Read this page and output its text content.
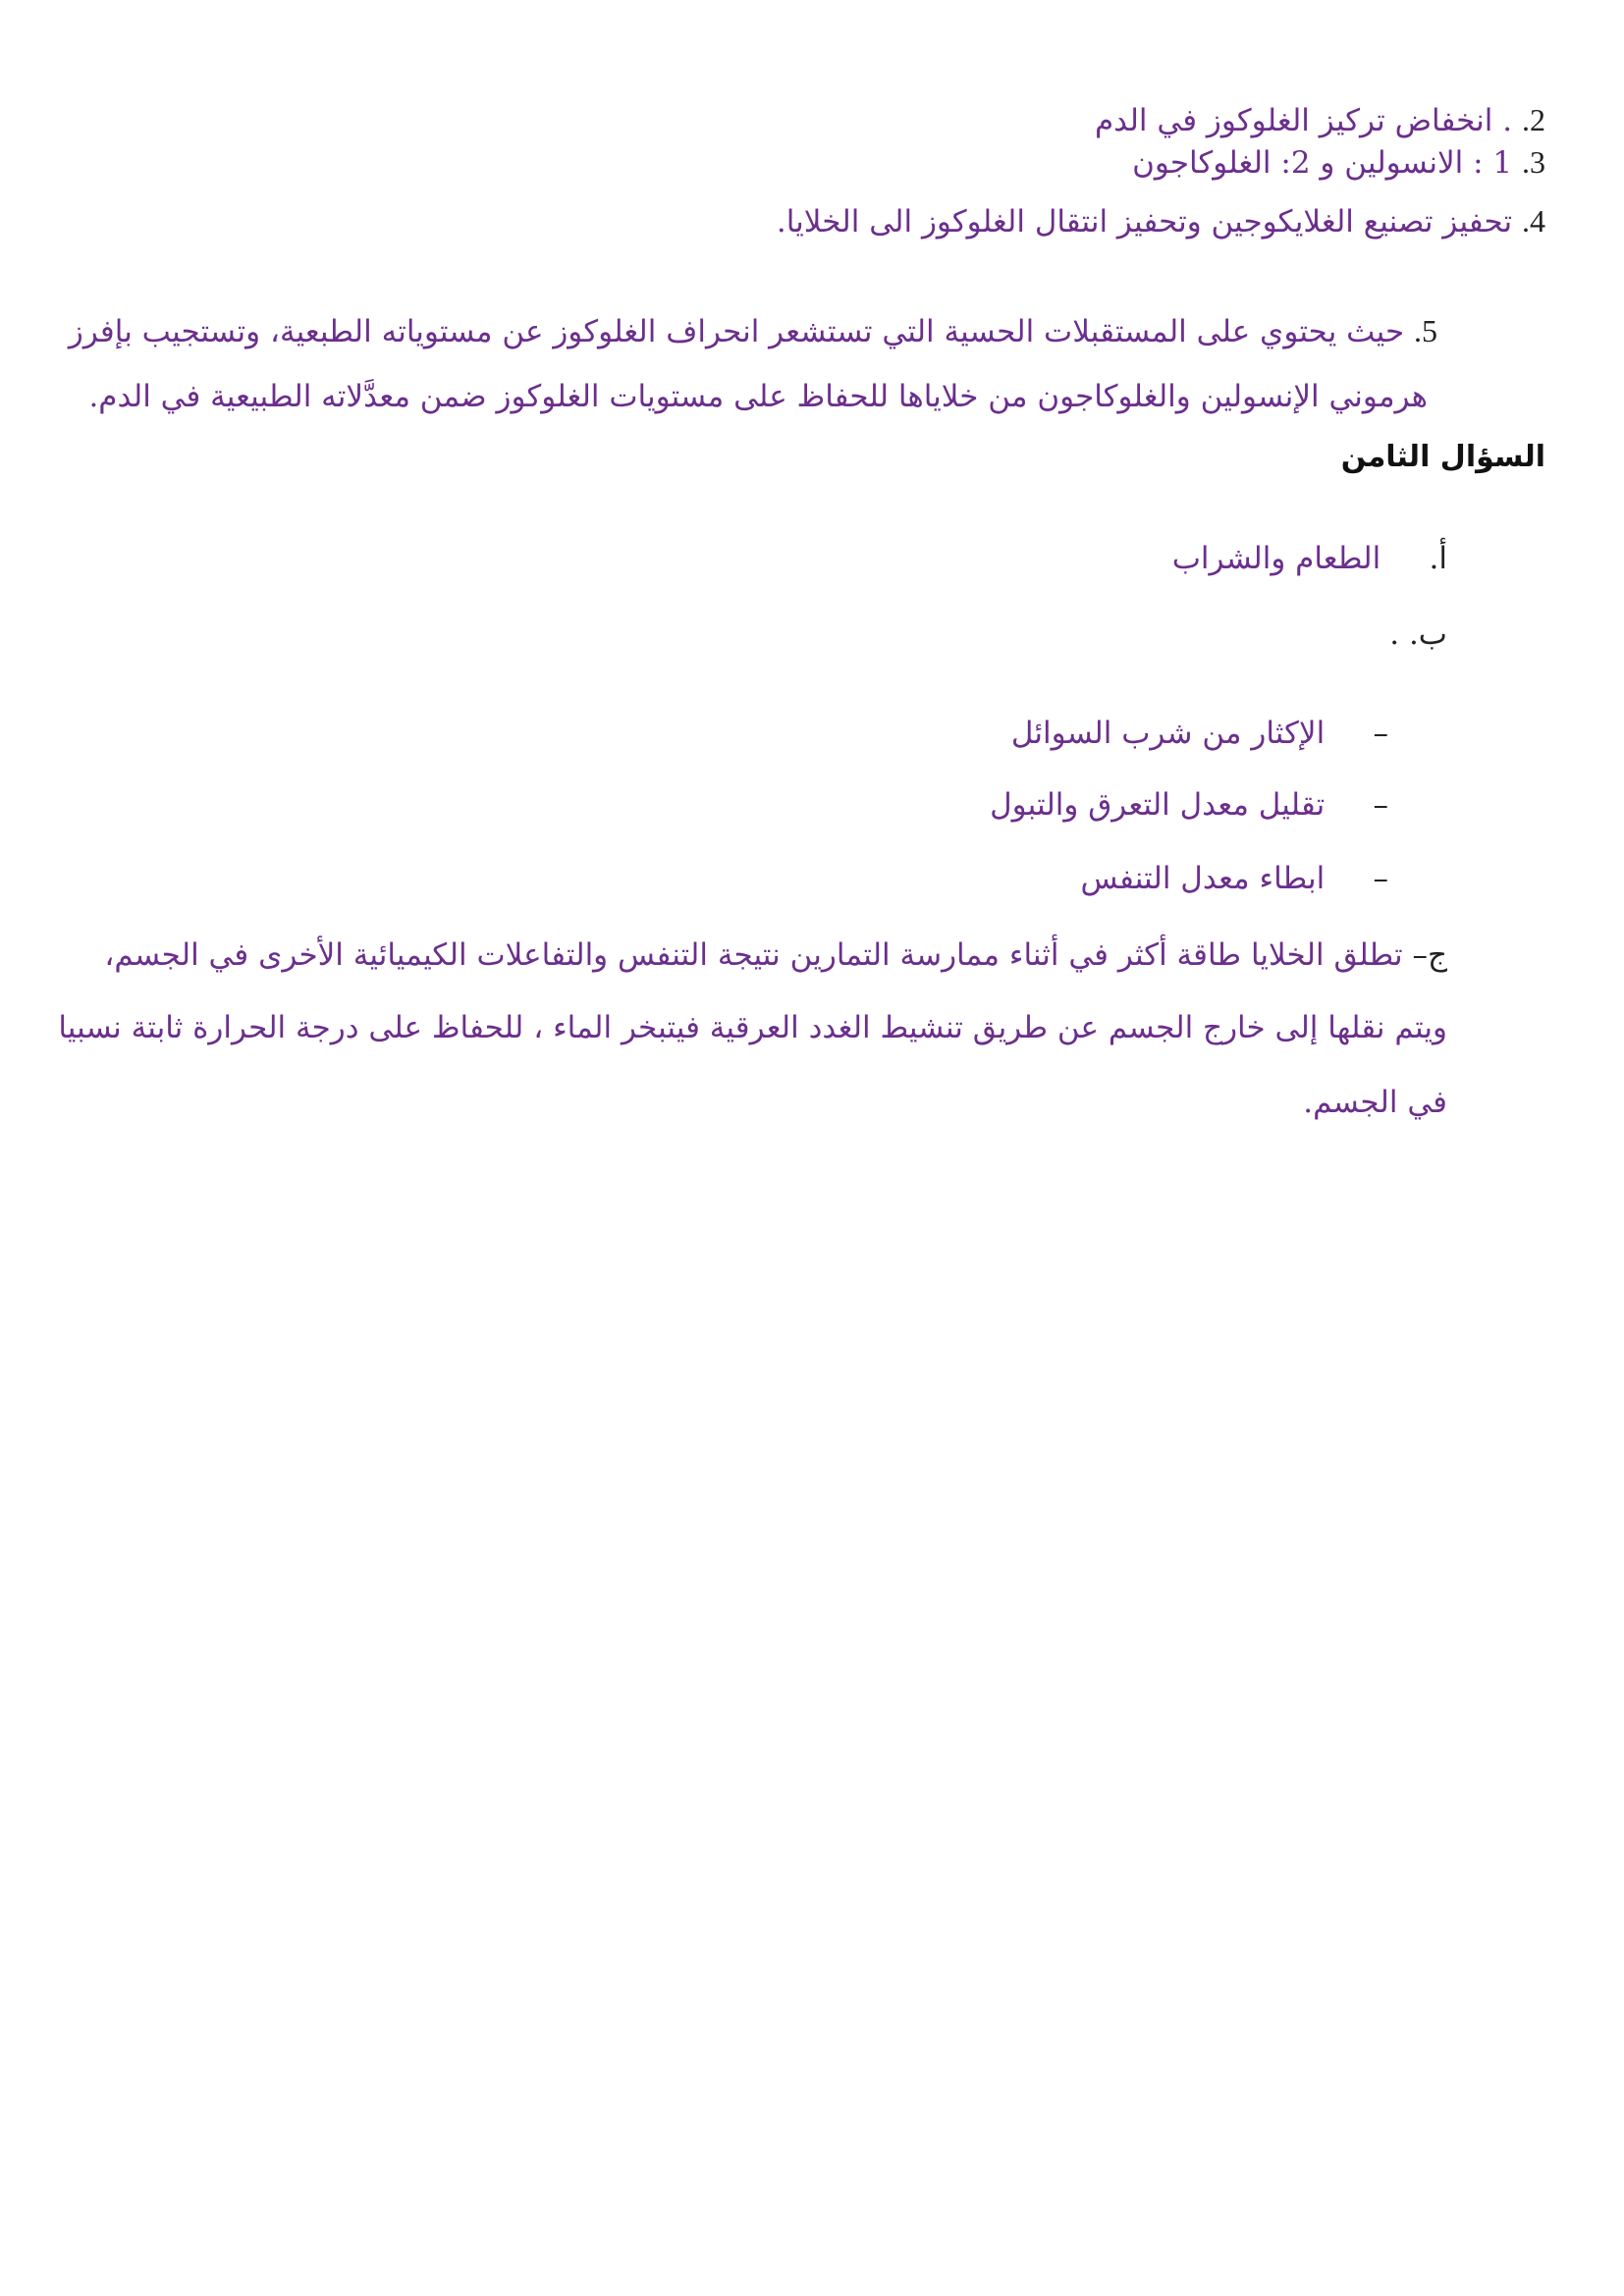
2. . انخفاض تركيز الغلوكوز في الدم
3. 1 : الانسولين و 2: الغلوكاجون
4. تحفيز تصنيع الغلايكوجين وتحفيز انتقال الغلوكوز الى الخلايا.
5. حيث يحتوي على المستقبلات الحسية التي تستشعر انحراف الغلوكوز عن مستوياته الطبعية، وتستجيب بإفرز
هرموني الإنسولين والغلوكاجون من خلاياها للحفاظ على مستويات الغلوكوز ضمن معدَّلاته الطبيعية في الدم.
السؤال الثامن
أ.     الطعام والشراب
ب. .
–     الإكثار من شرب السوائل
–     تقليل معدل التعرق والتبول
–     ابطاء معدل التنفس
ج– تطلق الخلايا طاقة أكثر في أثناء ممارسة التمارين نتيجة التنفس والتفاعلات الكيميائية الأخرى في الجسم،
ويتم نقلها إلى خارج الجسم عن طريق تنشيط الغدد العرقية فيتبخر الماء ، للحفاظ على درجة الحرارة ثابتة نسبيا
في الجسم.
